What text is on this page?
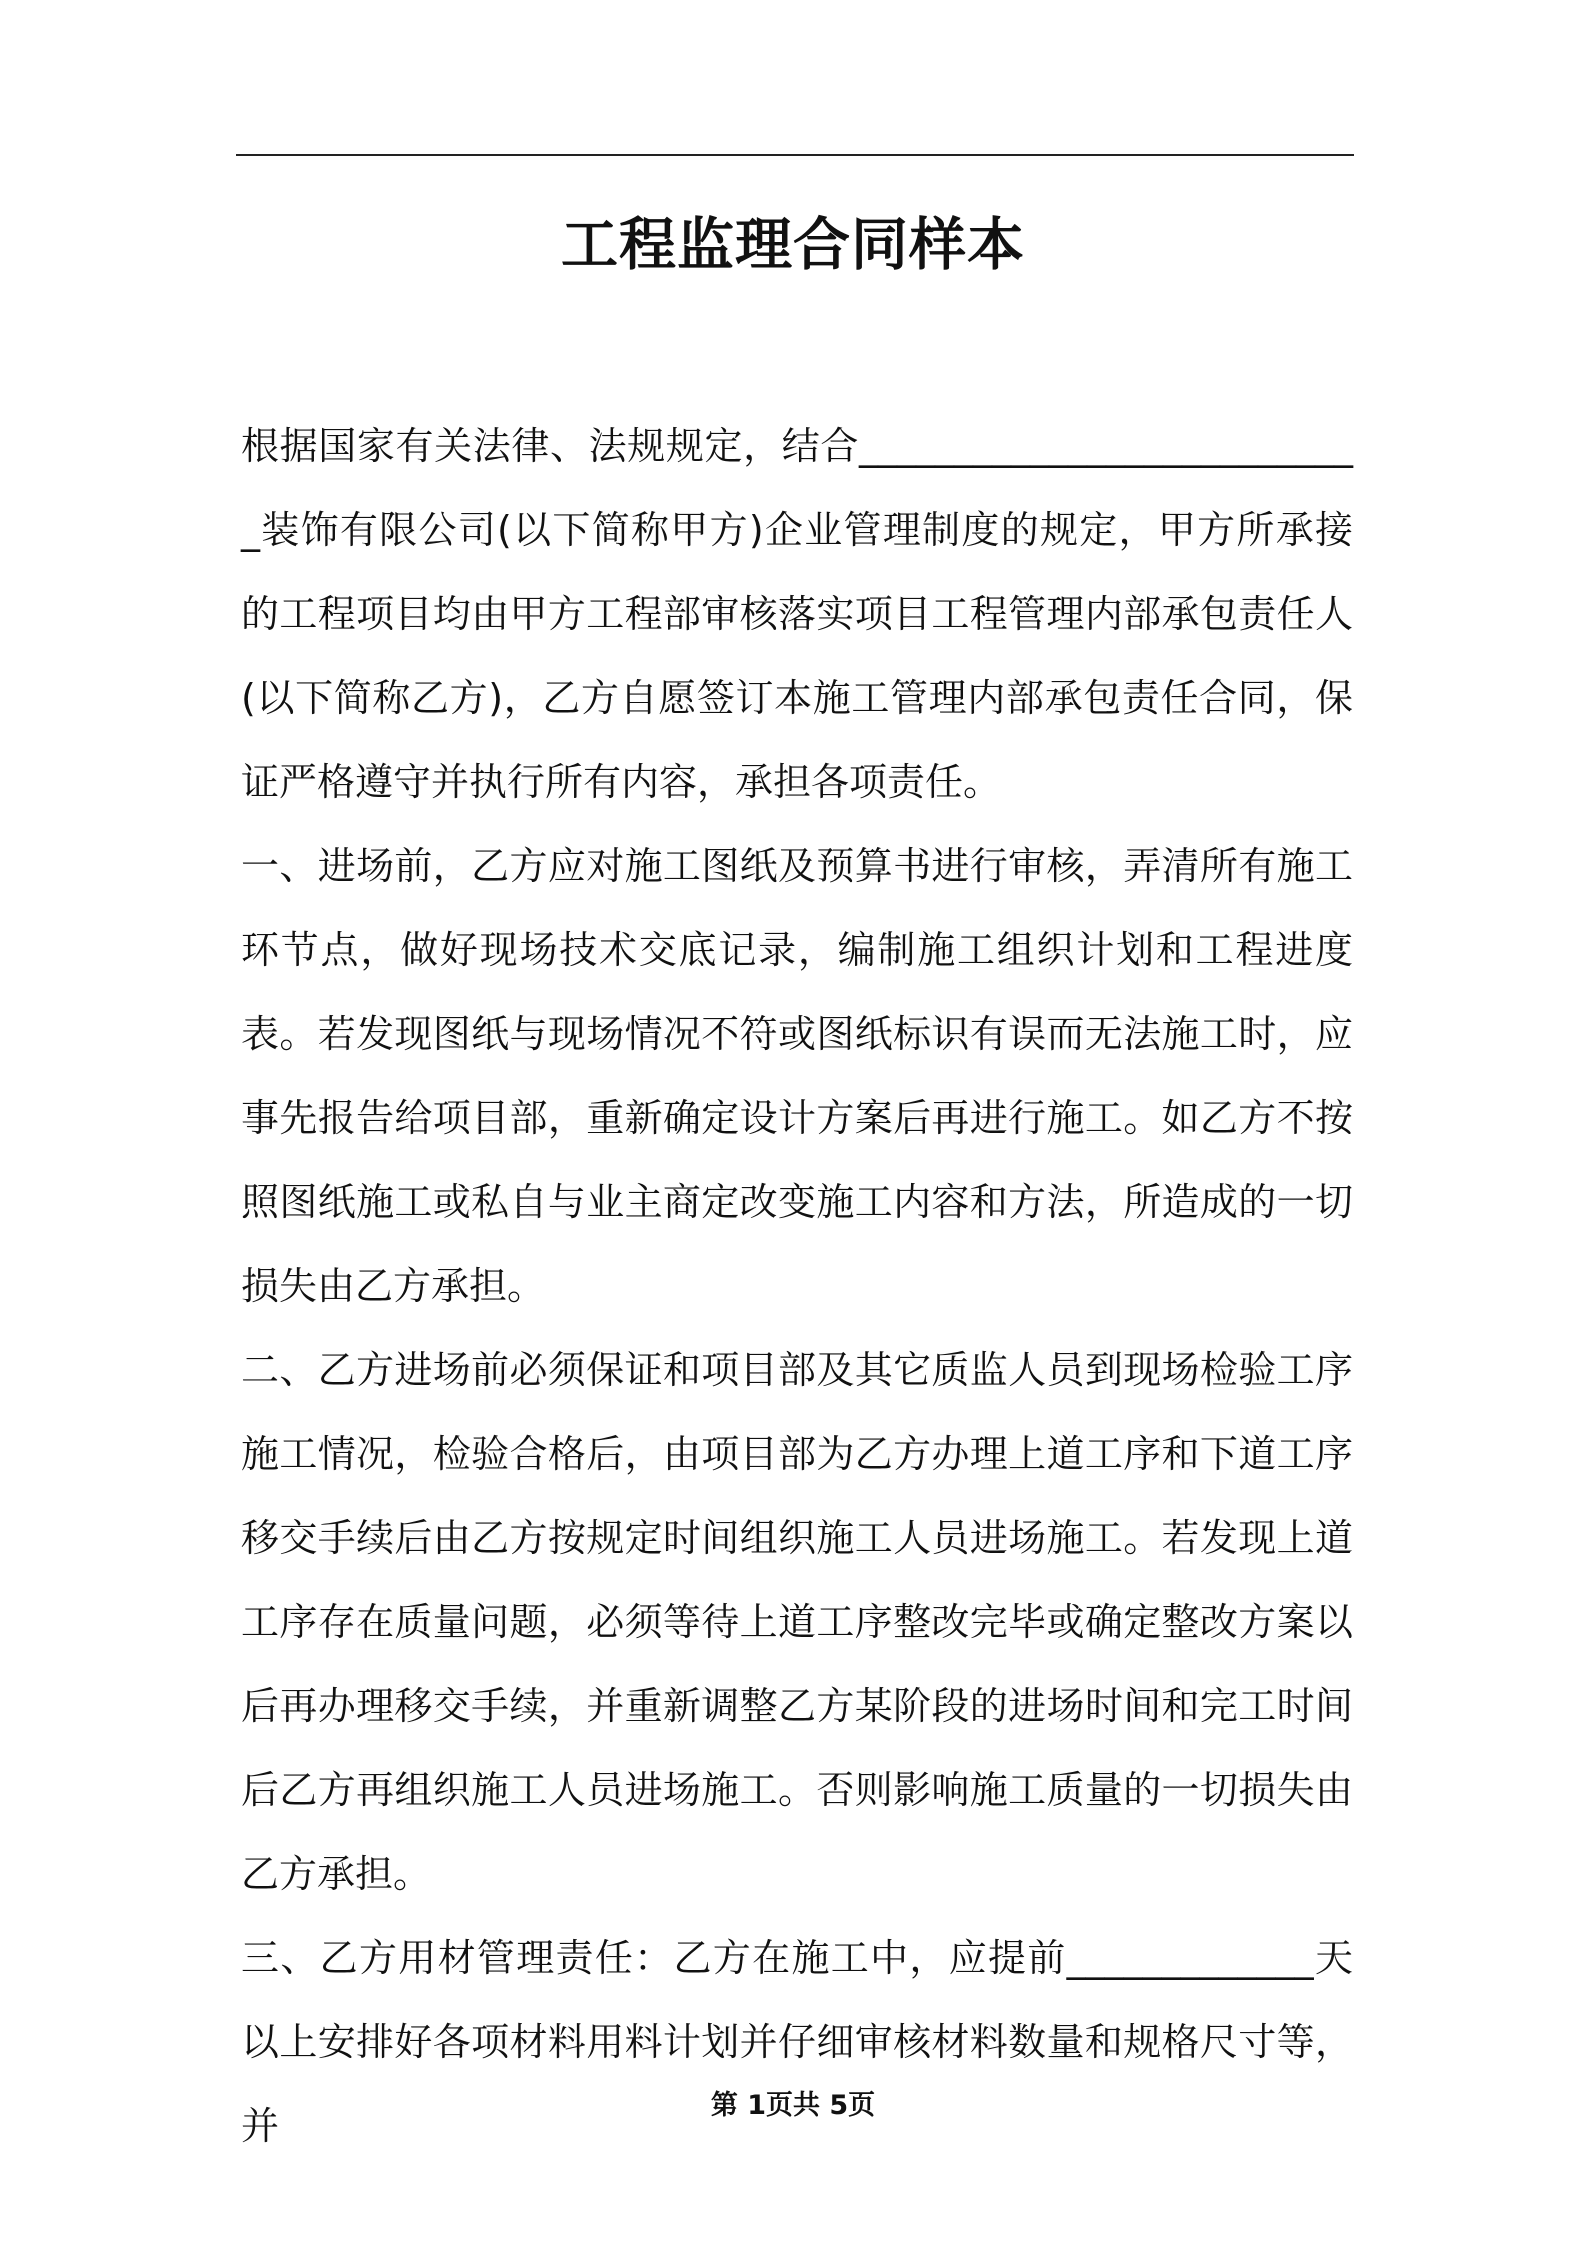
工程监理合同样本

根据国家有关法律、法规规定，结合___________________________装饰有限公司(以下简称甲方)企业管理制度的规定，甲方所承接的工程项目均由甲方工程部审核落实项目工程管理内部承包责任人(以下简称乙方)，乙方自愿签订本施工管理内部承包责任合同，保证严格遵守并执行所有内容，承担各项责任。

一、进场前，乙方应对施工图纸及预算书进行审核，弄清所有施工环节点，做好现场技术交底记录，编制施工组织计划和工程进度表。若发现图纸与现场情况不符或图纸标识有误而无法施工时，应事先报告给项目部，重新确定设计方案后再进行施工。如乙方不按照图纸施工或私自与业主商定改变施工内容和方法，所造成的一切损失由乙方承担。

二、乙方进场前必须保证和项目部及其它质监人员到现场检验工序施工情况，检验合格后，由项目部为乙方办理上道工序和下道工序移交手续后由乙方按规定时间组织施工人员进场施工。若发现上道工序存在质量问题，必须等待上道工序整改完毕或确定整改方案以后再办理移交手续，并重新调整乙方某阶段的进场时间和完工时间后乙方再组织施工人员进场施工。否则影响施工质量的一切损失由乙方承担。

三、乙方用材管理责任：乙方在施工中，应提前_____________天以上安排好各项材料用料计划并仔细审核材料数量和规格尺寸等，并	第 1页共 5页
